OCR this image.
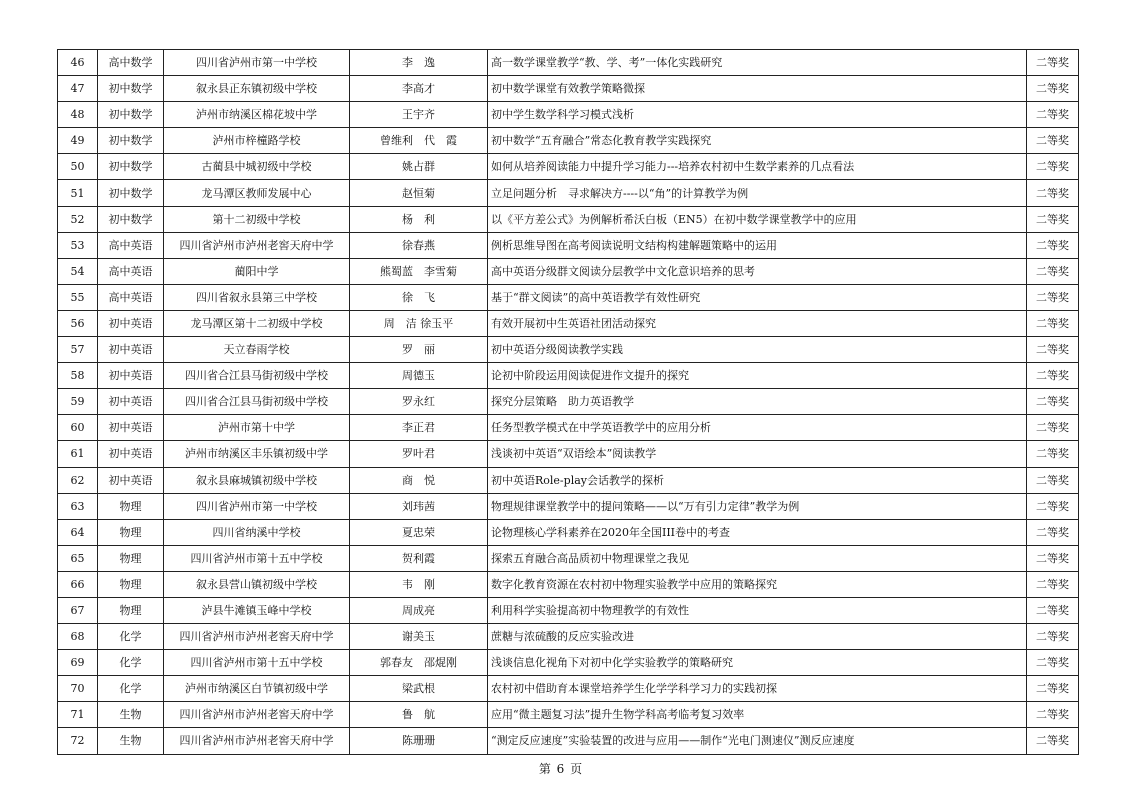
46	高中数学	四川省泸州市第一中学校	李　逸	高一数学课堂教学“教、学、考”一体化实践研究	二等奖
47	初中数学	叙永县正东镇初级中学校	李高才	初中数学课堂有效教学策略微探	二等奖
48	初中数学	泸州市纳溪区棉花坡中学	王宇齐	初中学生数学科学习模式浅析	二等奖
49	初中数学	泸州市梓橦路学校	曾维利　代　霞	初中数学“五育融合”常态化教育教学实践探究	二等奖
50	初中数学	古蔺县中城初级中学校	姚占群	如何从培养阅读能力中提升学习能力---培养农村初中生数学素养的几点看法	二等奖
51	初中数学	龙马潭区教师发展中心	赵恒菊	立足问题分析　寻求解决方----以“角”的计算教学为例	二等奖
52	初中数学	第十二初级中学校	杨　利	以《平方差公式》为例解析希沃白板（EN5）在初中数学课堂教学中的应用	二等奖
53	高中英语	四川省泸州市泸州老窖天府中学	徐春燕	例析思维导图在高考阅读说明文结构构建解题策略中的运用	二等奖
54	高中英语	蔺阳中学	熊蜀蓝　李雪菊	高中英语分级群文阅读分层教学中文化意识培养的思考	二等奖
55	高中英语	四川省叙永县第三中学校	徐　飞	基于“群文阅读”的高中英语教学有效性研究	二等奖
56	初中英语	龙马潭区第十二初级中学校	周　洁 徐玉平	有效开展初中生英语社团活动探究	二等奖
57	初中英语	天立春雨学校	罗　丽	初中英语分级阅读教学实践	二等奖
58	初中英语	四川省合江县马街初级中学校	周德玉	论初中阶段运用阅读促进作文提升的探究	二等奖
59	初中英语	四川省合江县马街初级中学校	罗永红	探究分层策略　助力英语教学	二等奖
60	初中英语	泸州市第十中学	李正君	任务型教学模式在中学英语教学中的应用分析	二等奖
61	初中英语	泸州市纳溪区丰乐镇初级中学	罗叶君	浅谈初中英语“双语绘本”阅读教学	二等奖
62	初中英语	叙永县麻城镇初级中学校	商　悦	初中英语Role-play会话教学的探析	二等奖
63	物理	四川省泸州市第一中学校	刘玮茜	物理规律课堂教学中的提问策略——以“万有引力定律”教学为例	二等奖
64	物理	四川省纳溪中学校	夏忠荣	论物理核心学科素养在2020年全国III卷中的考查	二等奖
65	物理	四川省泸州市第十五中学校	贺利霞	探索五育融合高品质初中物理课堂之我见	二等奖
66	物理	叙永县营山镇初级中学校	韦　刚	数字化教育资源在农村初中物理实验教学中应用的策略探究	二等奖
67	物理	泸县牛滩镇玉峰中学校	周成亮	利用科学实验提高初中物理教学的有效性	二等奖
68	化学	四川省泸州市泸州老窖天府中学	谢美玉	蔗糖与浓硫酸的反应实验改进	二等奖
69	化学	四川省泸州市第十五中学校	郭春友　邵焜刚	浅谈信息化视角下对初中化学实验教学的策略研究	二等奖
70	化学	泸州市纳溪区白节镇初级中学	梁武根	农村初中借助育本课堂培养学生化学学科学习力的实践初探	二等奖
71	生物	四川省泸州市泸州老窖天府中学	鲁　航	应用“微主题复习法”提升生物学科高考临考复习效率	二等奖
72	生物	四川省泸州市泸州老窖天府中学	陈珊珊	“测定反应速度”实验装置的改进与应用——制作“光电门测速仪”测反应速度	二等奖
第 6 页
